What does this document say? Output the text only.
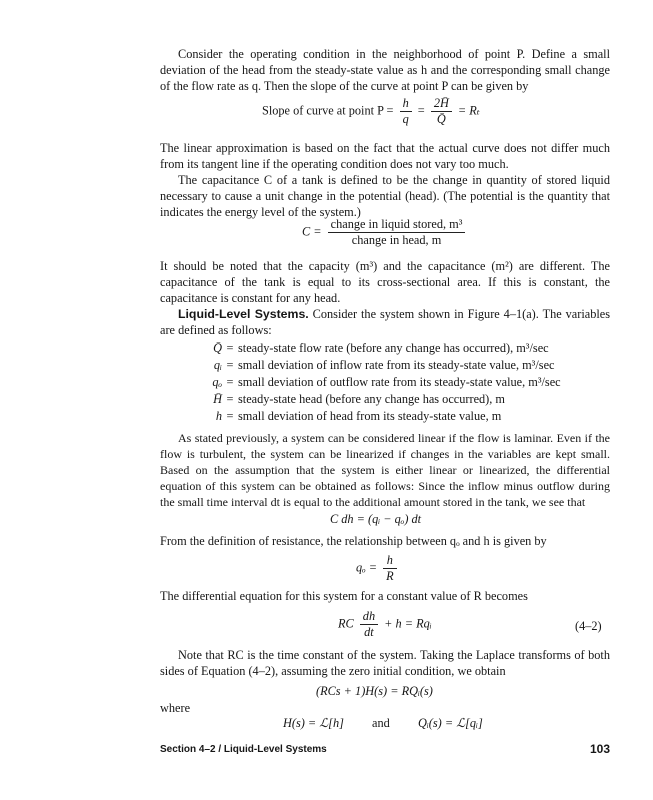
Consider the operating condition in the neighborhood of point P. Define a small deviation of the head from the steady-state value as h and the corresponding small change of the flow rate as q. Then the slope of the curve at point P can be given by

Slope of curve at point $P = \frac{h}{q} = \frac{2H̄}{Q̄} = R_t$

The linear approximation is based on the fact that the actual curve does not differ much from its tangent line if the operating condition does not vary too much.

The capacitance C of a tank is defined to be the change in quantity of stored liquid necessary to cause a unit change in the potential (head). (The potential is the quantity that indicates the energy level of the system.)

$C = \frac{\text{change in liquid stored, m³}}{\text{change in head, m}}$

It should be noted that the capacity (m³) and the capacitance (m²) are different. The capacitance of the tank is equal to its cross-sectional area. If this is constant, the capacitance is constant for any head.

Liquid-Level Systems. Consider the system shown in Figure 4–1(a). The variables are defined as follows:

Q̄ = steady-state flow rate (before any change has occurred), m³/sec
qᵢ = small deviation of inflow rate from its steady-state value, m³/sec
qₒ = small deviation of outflow rate from its steady-state value, m³/sec
H̄ = steady-state head (before any change has occurred), m
h = small deviation of head from its steady-state value, m

As stated previously, a system can be considered linear if the flow is laminar. Even if the flow is turbulent, the system can be linearized if changes in the variables are kept small. Based on the assumption that the system is either linear or linearized, the differential equation of this system can be obtained as follows: Since the inflow minus outflow during the small time interval dt is equal to the additional amount stored in the tank, we see that

C dh = (qᵢ − qₒ) dt

From the definition of resistance, the relationship between qₒ and h is given by

$q_o = \frac{h}{R}$

The differential equation for this system for a constant value of R becomes

RC $\frac{dh}{dt} + h$ = Rqᵢ	(4–2)

Note that RC is the time constant of the system. Taking the Laplace transforms of both sides of Equation (4–2), assuming the zero initial condition, we obtain

(RCs + 1)H(s) = RQᵢ(s)

where

H(s) = ℒ[h] and Qᵢ(s) = ℒ[qᵢ]
Section 4–2 / Liquid-Level Systems	103
